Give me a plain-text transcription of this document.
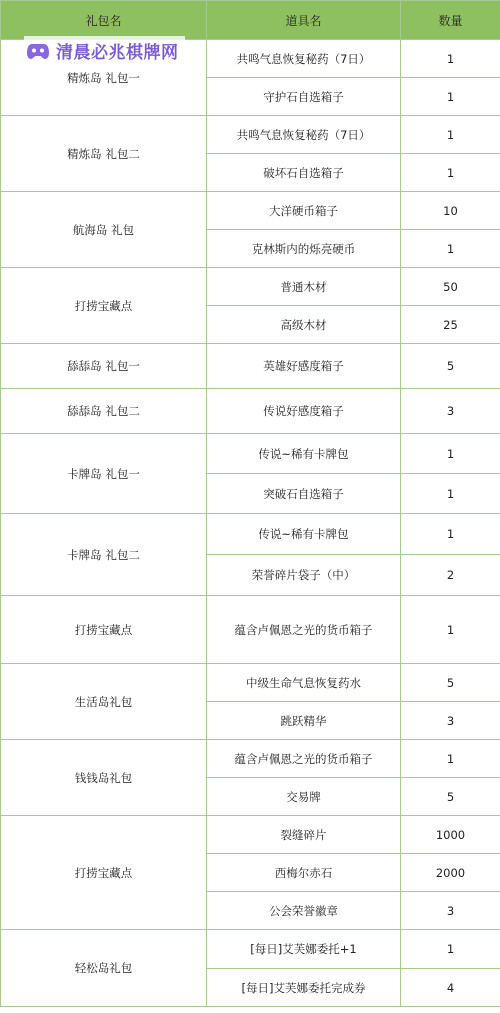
礼包名	道具名	数量
精炼岛 礼包一	共鸣气息恢复秘药（7日）	1
	守护石自选箱子	1
精炼岛 礼包二	共鸣气息恢复秘药（7日）	1
	破坏石自选箱子	1
航海岛 礼包	大洋硬币箱子	10
	克林斯内的烁亮硬币	1
打捞宝藏点	普通木材	50
	高级木材	25
舔舔岛 礼包一	英雄好感度箱子	5
舔舔岛 礼包二	传说好感度箱子	3
卡牌岛 礼包一	传说~稀有卡牌包	1
	突破石自选箱子	1
卡牌岛 礼包二	传说~稀有卡牌包	1
	荣誉碎片袋子（中）	2
打捞宝藏点	蕴含卢佩恩之光的货币箱子	1
生活岛礼包	中级生命气息恢复药水	5
	跳跃精华	3
钱钱岛礼包	蕴含卢佩恩之光的货币箱子	1
	交易牌	5
打捞宝藏点	裂缝碎片	1000
	西梅尔赤石	2000
	公会荣誉徽章	3
轻松岛礼包	[每日]艾芙娜委托+1	1
	[每日]艾芙娜委托完成券	4
清晨必兆棋牌网
